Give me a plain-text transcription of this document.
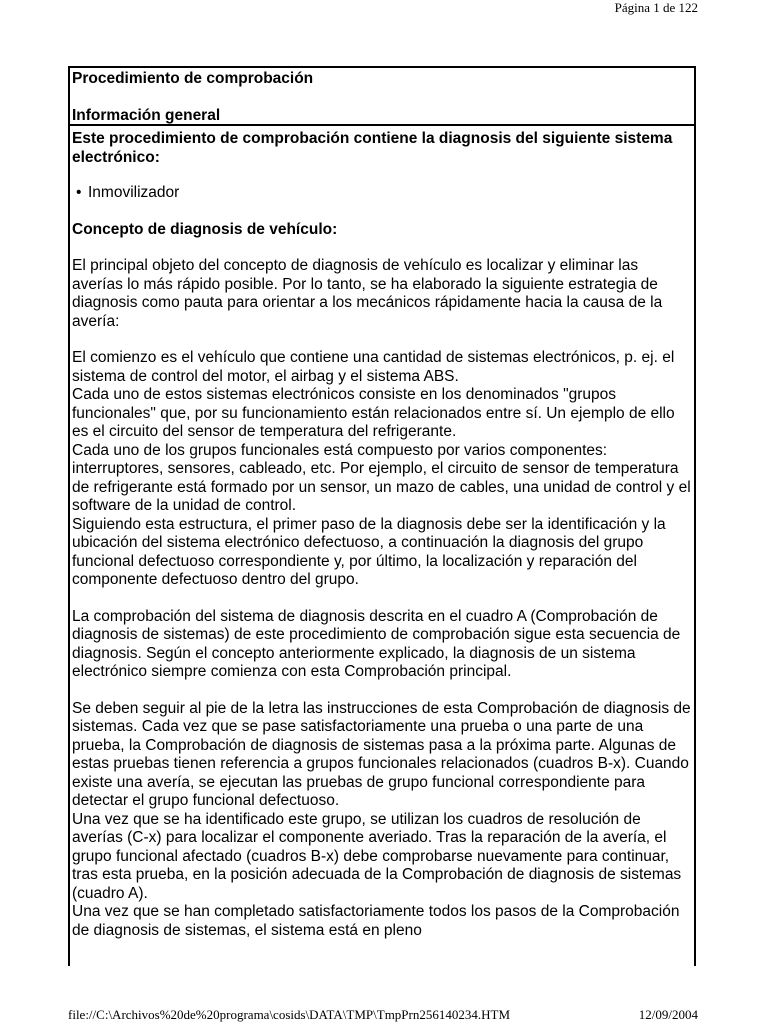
Página 1 de 122

Procedimiento de comprobación

Información general

Este procedimiento de comprobación contiene la diagnosis del siguiente sistema electrónico:

• Inmovilizador

Concepto de diagnosis de vehículo:

El principal objeto del concepto de diagnosis de vehículo es localizar y eliminar las averías lo más rápido posible. Por lo tanto, se ha elaborado la siguiente estrategia de diagnosis como pauta para orientar a los mecánicos rápidamente hacia la causa de la avería:

El comienzo es el vehículo que contiene una cantidad de sistemas electrónicos, p. ej. el sistema de control del motor, el airbag y el sistema ABS.
Cada uno de estos sistemas electrónicos consiste en los denominados "grupos funcionales" que, por su funcionamiento están relacionados entre sí. Un ejemplo de ello es el circuito del sensor de temperatura del refrigerante.
Cada uno de los grupos funcionales está compuesto por varios componentes: interruptores, sensores, cableado, etc. Por ejemplo, el circuito de sensor de temperatura de refrigerante está formado por un sensor, un mazo de cables, una unidad de control y el software de la unidad de control.
Siguiendo esta estructura, el primer paso de la diagnosis debe ser la identificación y la ubicación del sistema electrónico defectuoso, a continuación la diagnosis del grupo funcional defectuoso correspondiente y, por último, la localización y reparación del componente defectuoso dentro del grupo.

La comprobación del sistema de diagnosis descrita en el cuadro A (Comprobación de diagnosis de sistemas) de este procedimiento de comprobación sigue esta secuencia de diagnosis. Según el concepto anteriormente explicado, la diagnosis de un sistema electrónico siempre comienza con esta Comprobación principal.

Se deben seguir al pie de la letra las instrucciones de esta Comprobación de diagnosis de sistemas. Cada vez que se pase satisfactoriamente una prueba o una parte de una prueba, la Comprobación de diagnosis de sistemas pasa a la próxima parte. Algunas de estas pruebas tienen referencia a grupos funcionales relacionados (cuadros B-x). Cuando existe una avería, se ejecutan las pruebas de grupo funcional correspondiente para detectar el grupo funcional defectuoso.
Una vez que se ha identificado este grupo, se utilizan los cuadros de resolución de averías (C-x) para localizar el componente averiado. Tras la reparación de la avería, el grupo funcional afectado (cuadros B-x) debe comprobarse nuevamente para continuar, tras esta prueba, en la posición adecuada de la Comprobación de diagnosis de sistemas (cuadro A).
Una vez que se han completado satisfactoriamente todos los pasos de la Comprobación de diagnosis de sistemas, el sistema está en pleno

file://C:\Archivos%20de%20programa\cosids\DATA\TMP\TmpPrn256140234.HTM	12/09/2004
